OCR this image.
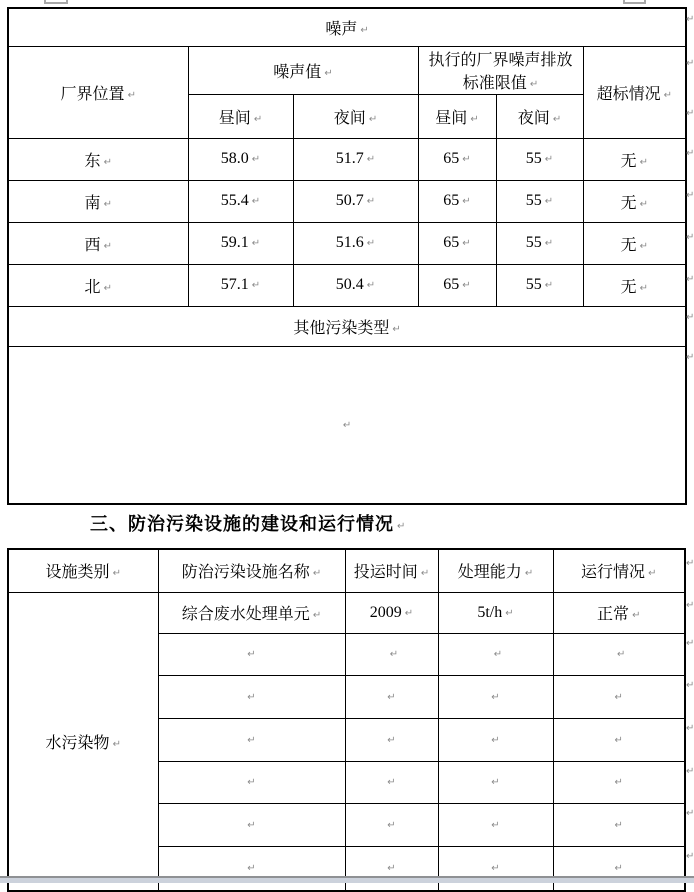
噪声 ↵					
厂界位置 ↵	噪声值 ↵		执行的厂界噪声排放标准限值 ↵		超标情况 ↵
	昼间 ↵	夜间 ↵	昼间 ↵	夜间 ↵	
东 ↵	58.0 ↵	51.7 ↵	65 ↵	55 ↵	无 ↵
南 ↵	55.4 ↵	50.7 ↵	65 ↵	55 ↵	无 ↵
西 ↵	59.1 ↵	51.6 ↵	65 ↵	55 ↵	无 ↵
北 ↵	57.1 ↵	50.4 ↵	65 ↵	55 ↵	无 ↵
其他污染类型 ↵					
↵					
三、防治污染设施的建设和运行情况 ↵
设施类别 ↵	防治污染设施名称 ↵	投运时间 ↵	处理能力 ↵	运行情况 ↵
水污染物 ↵	综合废水处理单元 ↵	2009 ↵	5t/h ↵	正常 ↵
	↵	↵	↵	↵
	↵	↵	↵	↵
	↵	↵	↵	↵
	↵	↵	↵	↵
	↵	↵	↵	↵
	↵	↵	↵	↵
↵
↵
↵
↵
↵
↵
↵
↵
↵
↵
↵
↵
↵
↵
↵
↵
↵
